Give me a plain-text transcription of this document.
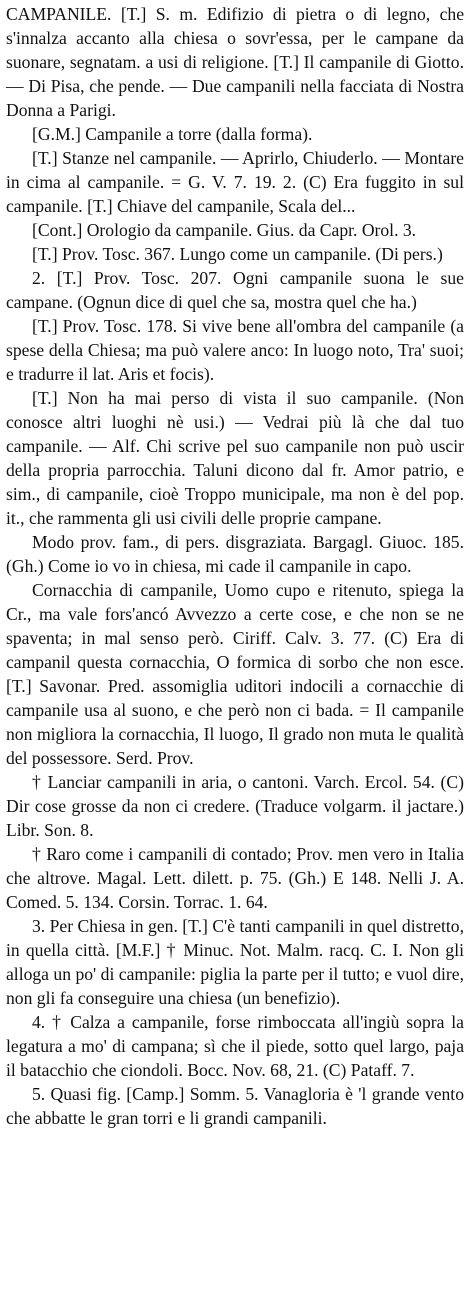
CAMPANILE. [T.] S. m. Edifizio di pietra o di legno, che s'innalza accanto alla chiesa o sovr'essa, per le campane da suonare, segnatam. a usi di religione. [T.] Il campanile di Giotto. — Di Pisa, che pende. — Due campanili nella facciata di Nostra Donna a Parigi.

[G.M.] Campanile a torre (dalla forma).

[T.] Stanze nel campanile. — Aprirlo, Chiuderlo. — Montare in cima al campanile. = G. V. 7. 19. 2. (C) Era fuggito in sul campanile. [T.] Chiave del campanile, Scala del...

[Cont.] Orologio da campanile. Gius. da Capr. Orol. 3.

[T.] Prov. Tosc. 367. Lungo come un campanile. (Di pers.)

2. [T.] Prov. Tosc. 207. Ogni campanile suona le sue campane. (Ognun dice di quel che sa, mostra quel che ha.)

[T.] Prov. Tosc. 178. Si vive bene all'ombra del campanile (a spese della Chiesa; ma può valere anco: In luogo noto, Tra' suoi; e tradurre il lat. Aris et focis).

[T.] Non ha mai perso di vista il suo campanile. (Non conosce altri luoghi nè usi.) — Vedrai più là che dal tuo campanile. — Alf. Chi scrive pel suo campanile non può uscir della propria parrocchia. Taluni dicono dal fr. Amor patrio, e sim., di campanile, cioè Troppo municipale, ma non è del pop. it., che rammenta gli usi civili delle proprie campane.

Modo prov. fam., di pers. disgraziata. Bargagl. Giuoc. 185. (Gh.) Come io vo in chiesa, mi cade il campanile in capo.

Cornacchia di campanile, Uomo cupo e ritenuto, spiega la Cr., ma vale fors'ancó Avvezzo a certe cose, e che non se ne spaventa; in mal senso però. Ciriff. Calv. 3. 77. (C) Era di campanil questa cornacchia, O formica di sorbo che non esce. [T.] Savonar. Pred. assomiglia uditori indocili a cornacchie di campanile usa al suono, e che però non ci bada. = Il campanile non migliora la cornacchia, Il luogo, Il grado non muta le qualità del possessore. Serd. Prov.

† Lanciar campanili in aria, o cantoni. Varch. Ercol. 54. (C) Dir cose grosse da non ci credere. (Traduce volgarm. il jactare.) Libr. Son. 8.

† Raro come i campanili di contado; Prov. men vero in Italia che altrove. Magal. Lett. dilett. p. 75. (Gh.) E 148. Nelli J. A. Comed. 5. 134. Corsin. Torrac. 1. 64.

3. Per Chiesa in gen. [T.] C'è tanti campanili in quel distretto, in quella città. [M.F.] † Minuc. Not. Malm. racq. C. I. Non gli alloga un po' di campanile: piglia la parte per il tutto; e vuol dire, non gli fa conseguire una chiesa (un benefizio).

4. † Calza a campanile, forse rimboccata all'ingiù sopra la legatura a mo' di campana; sì che il piede, sotto quel largo, paja il batacchio che ciondoli. Bocc. Nov. 68, 21. (C) Pataff. 7.

5. Quasi fig. [Camp.] Somm. 5. Vanagloria è 'l grande vento che abbatte le gran torri e li grandi campanili.
